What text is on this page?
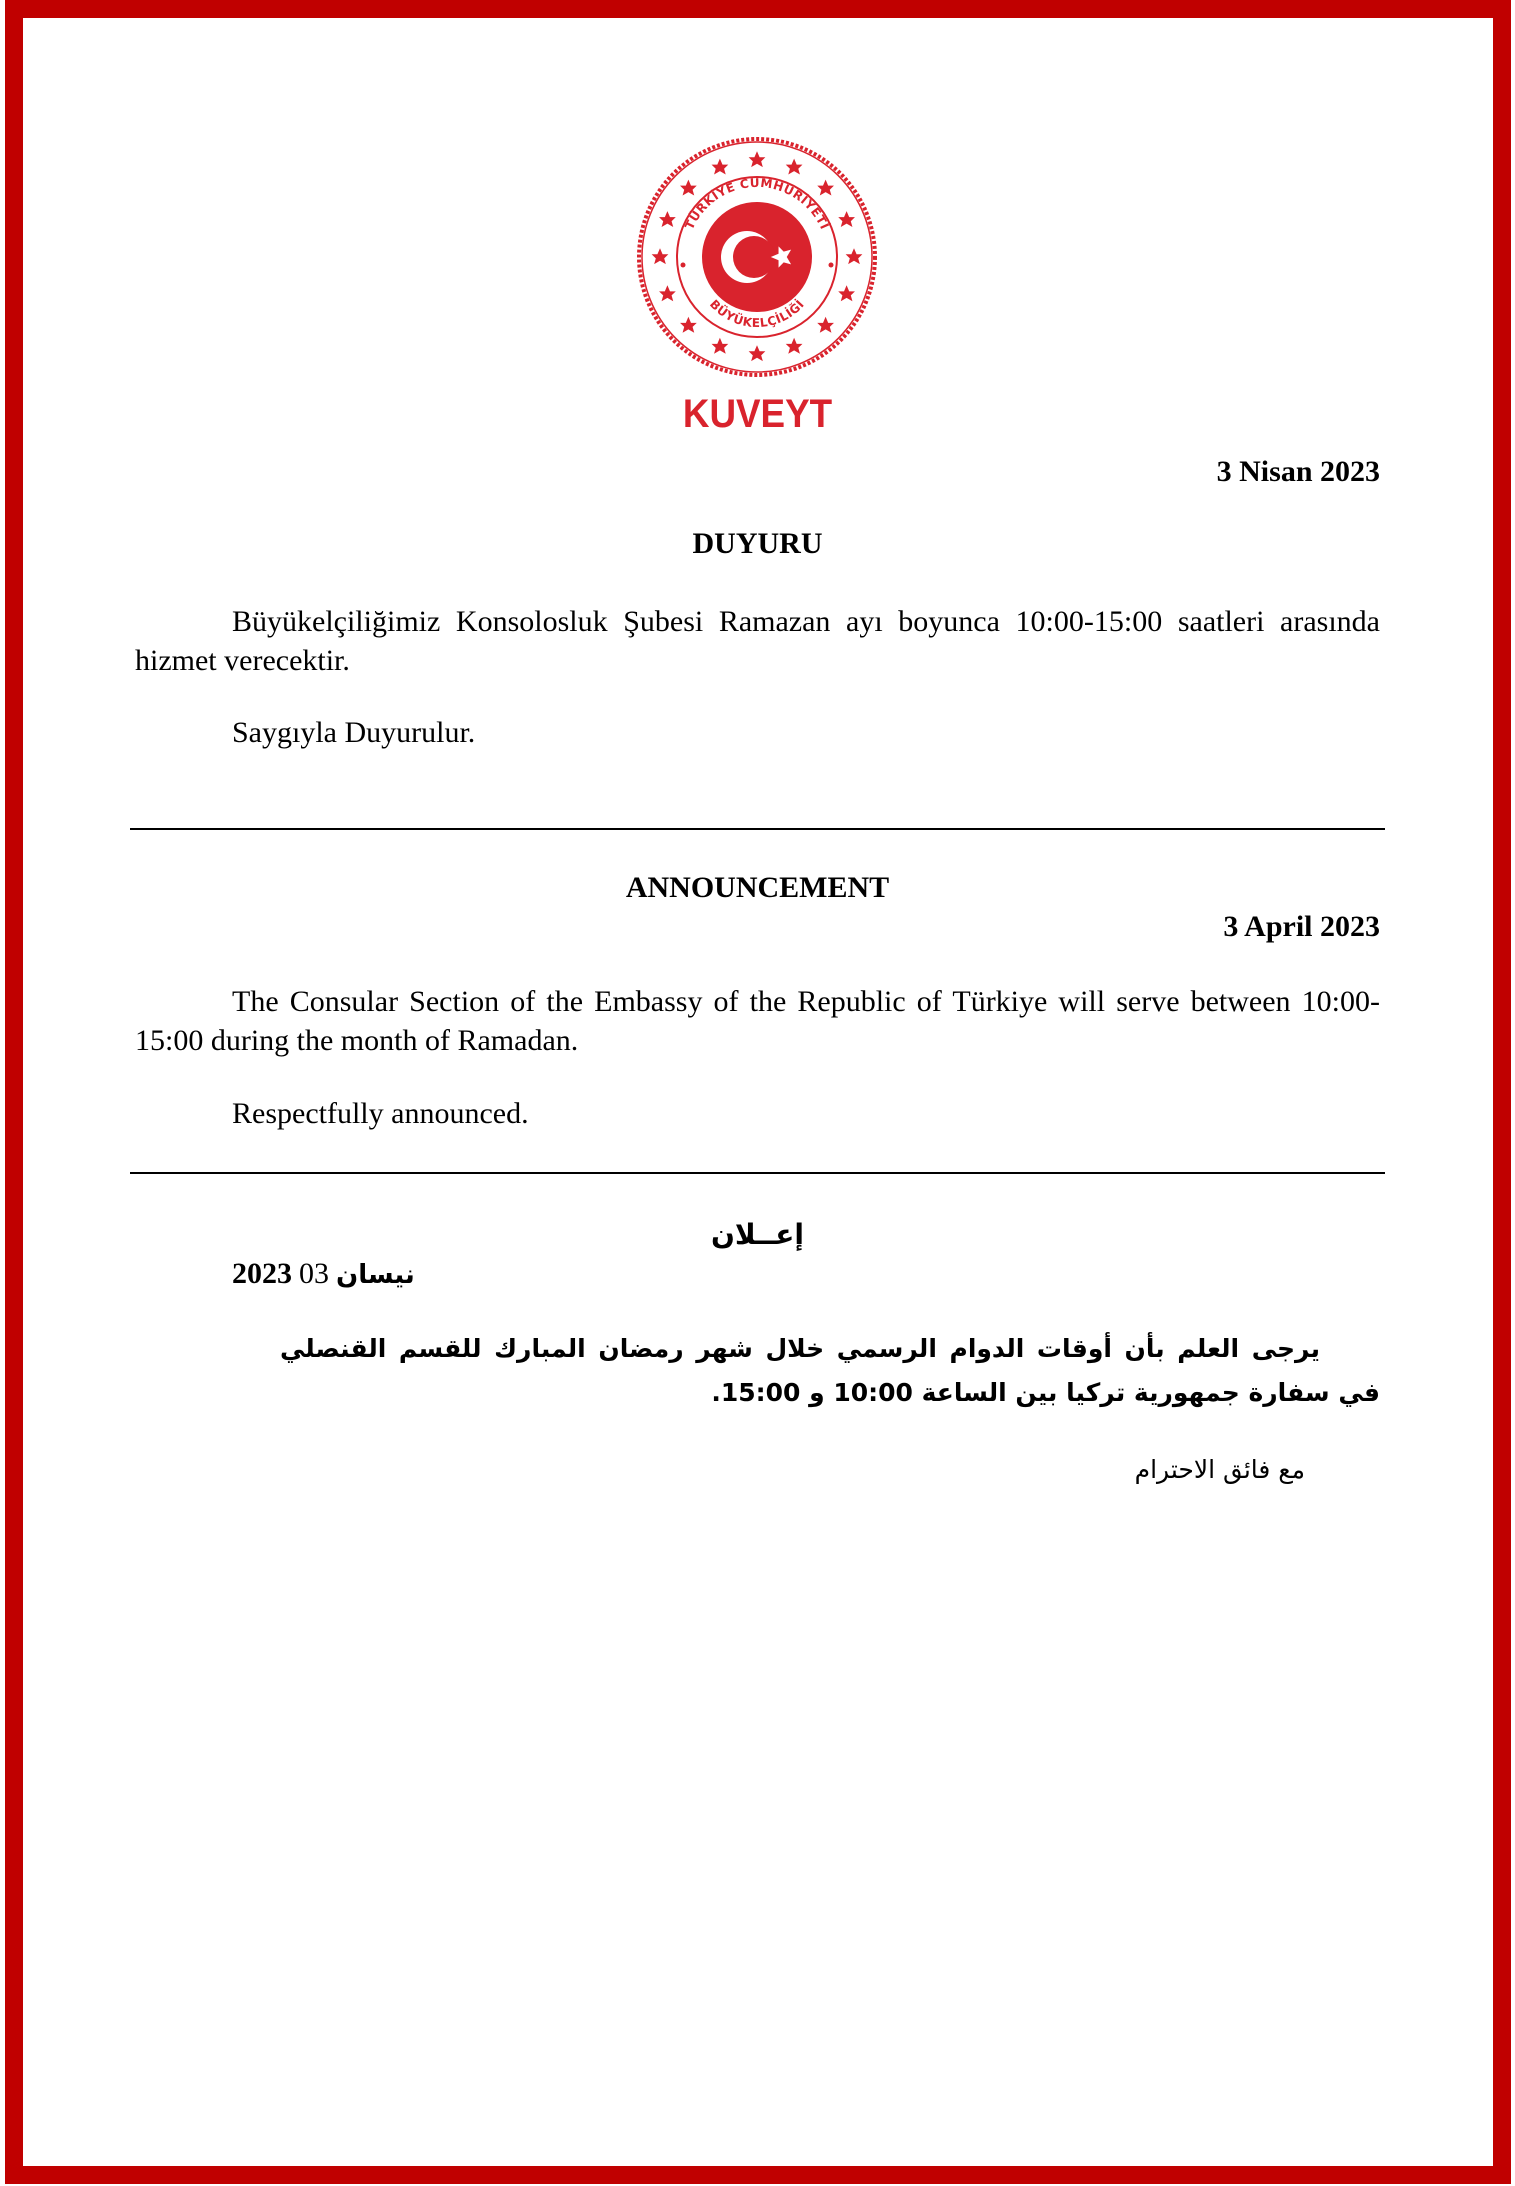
TÜRKİYE CUMHURİYETİ
BÜYÜKELÇİLİĞİ
KUVEYT
3 Nisan 2023
DUYURU
Büyükelçiliğimiz Konsolosluk Şubesi Ramazan ayı boyunca 10:00-15:00 saatleri arasında hizmet verecektir.
Saygıyla Duyurulur.
ANNOUNCEMENT
3 April 2023
The Consular Section of the Embassy of the Republic of Türkiye will serve between 10:00-15:00 during the month of Ramadan.
Respectfully announced.
إعــلان
2023 نيسان 03
يرجى العلم بأن أوقات الدوام الرسمي خلال شهر رمضان المبارك للقسم القنصلي في سفارة جمهورية تركيا بين الساعة 10:00 و 15:00.
مع فائق الاحترام
